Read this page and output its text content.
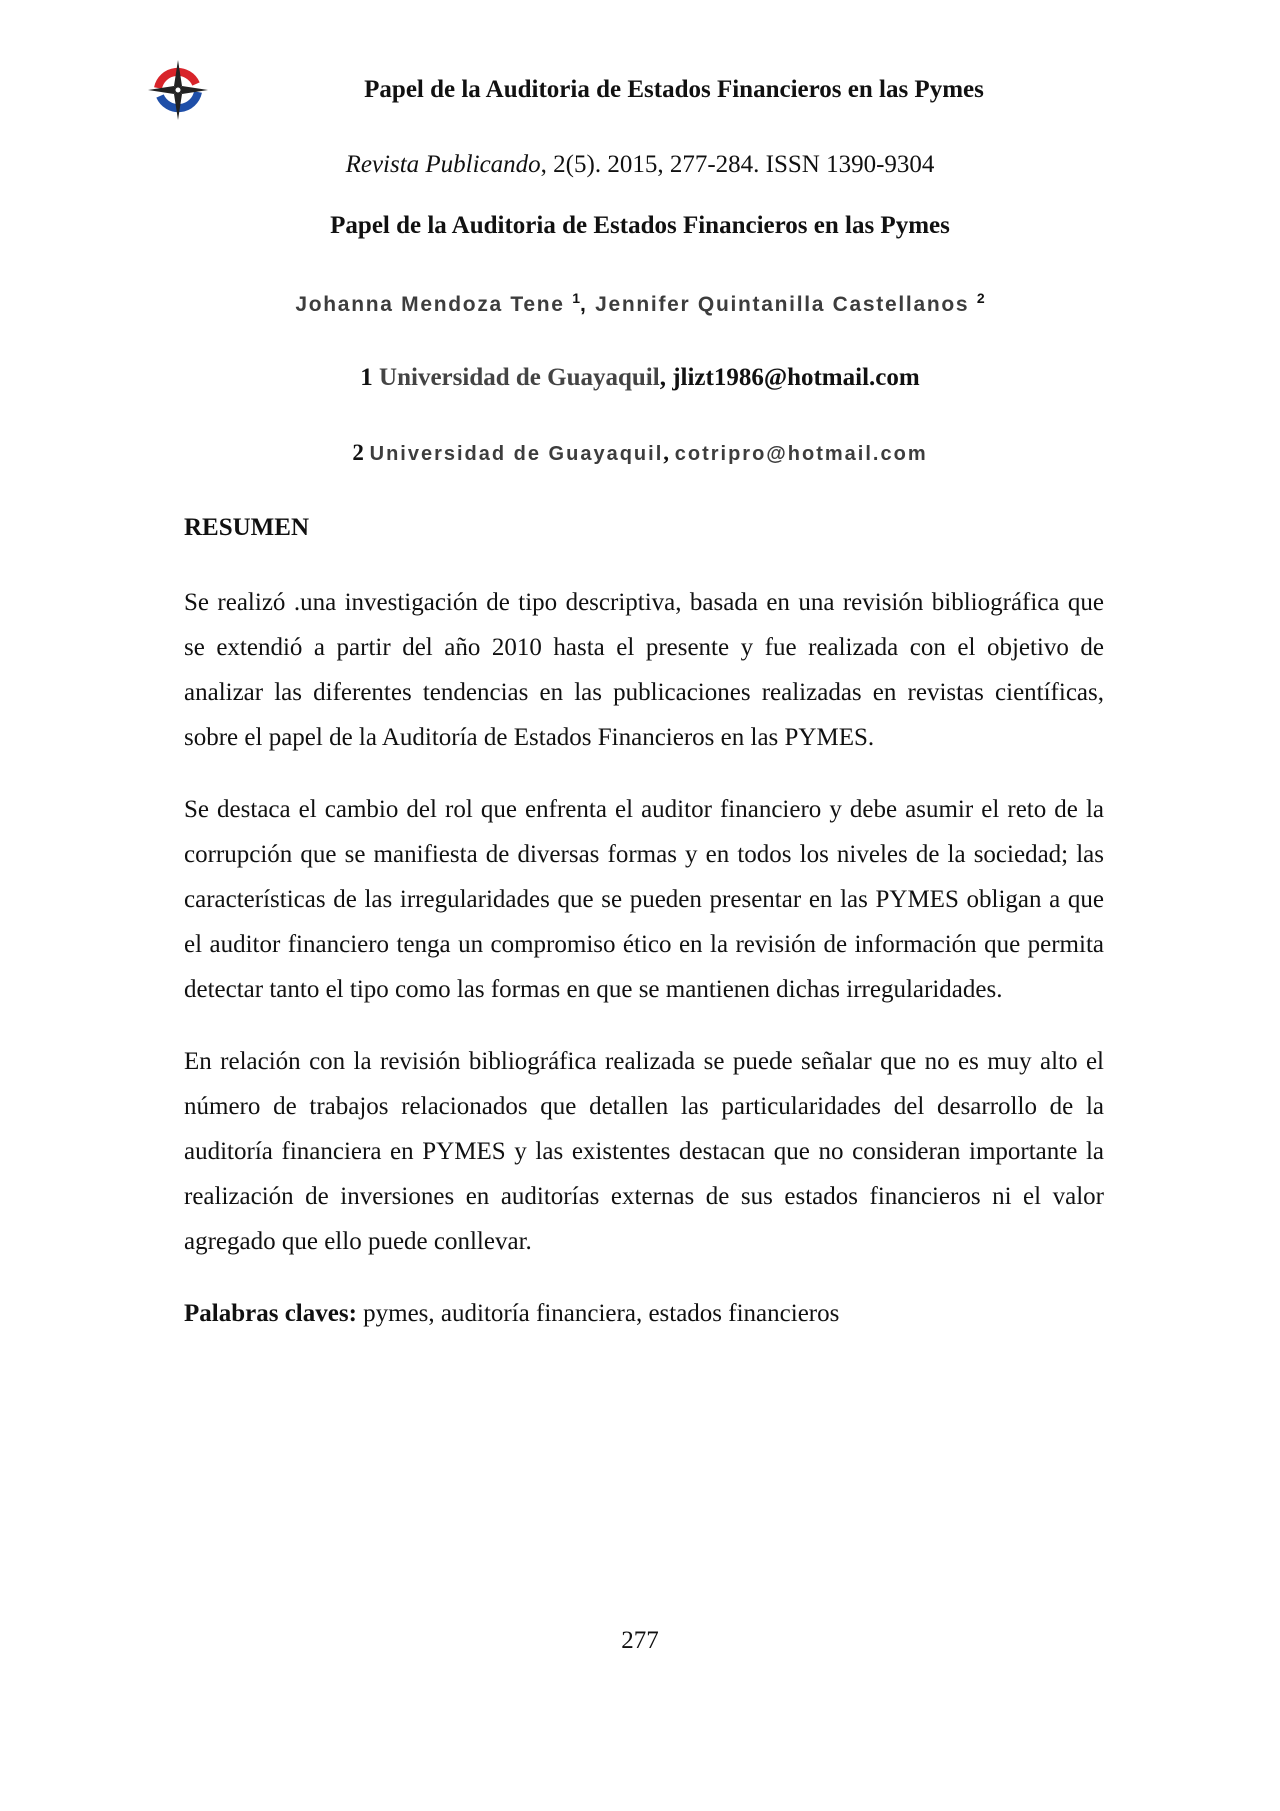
Papel de la Auditoria de Estados Financieros en las Pymes
Revista Publicando, 2(5). 2015, 277-284. ISSN 1390-9304
Papel de la Auditoria de Estados Financieros en las Pymes
Johanna Mendoza Tene $^1$, Jennifer Quintanilla Castellanos $^2$
1 Universidad de Guayaquil, jlizt1986@hotmail.com
2 Universidad de Guayaquil, cotripro@hotmail.com
RESUMEN

Se realizó .una investigación de tipo descriptiva, basada en una revisión bibliográfica que se extendió a partir del año 2010 hasta el presente y fue realizada con el objetivo de analizar las diferentes tendencias en las publicaciones realizadas en revistas científicas, sobre el papel de la Auditoría de Estados Financieros en las PYMES.

Se destaca el cambio del rol que enfrenta el auditor financiero y debe asumir el reto de la corrupción que se manifiesta de diversas formas y en todos los niveles de la sociedad; las características de las irregularidades que se pueden presentar en las PYMES obligan a que el auditor financiero tenga un compromiso ético en la revisión de información que permita detectar tanto el tipo como las formas en que se mantienen dichas irregularidades.

En relación con la revisión bibliográfica realizada se puede señalar que no es muy alto el número de trabajos relacionados que detallen las particularidades del desarrollo de la auditoría financiera en PYMES y las existentes destacan que no consideran importante la realización de inversiones en auditorías externas de sus estados financieros ni el valor agregado que ello puede conllevar.

Palabras claves: pymes, auditoría financiera, estados financieros
277
